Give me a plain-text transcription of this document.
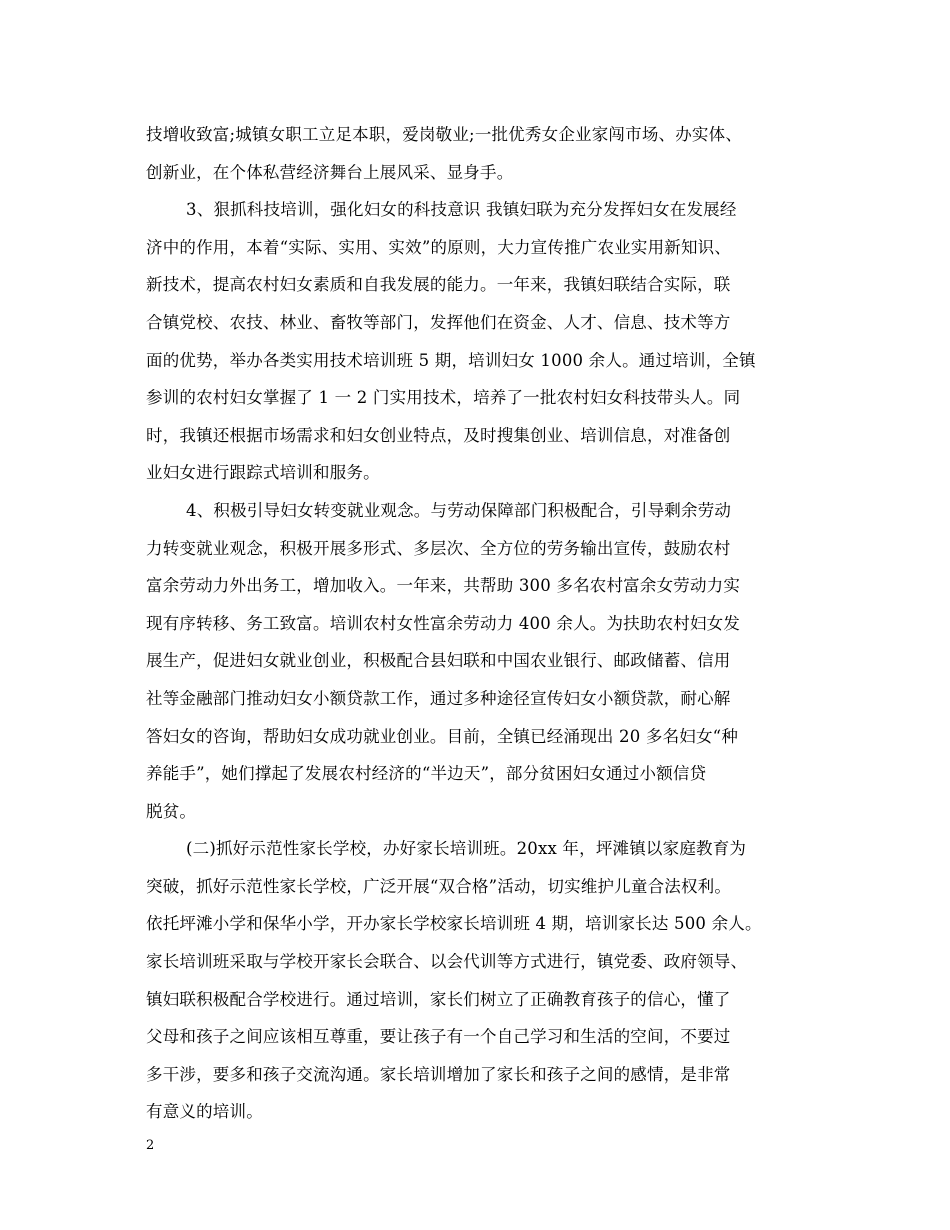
技增收致富;城镇女职工立足本职，爱岗敬业;一批优秀女企业家闯市场、办实体、
创新业，在个体私营经济舞台上展风采、显身手。
3、狠抓科技培训，强化妇女的科技意识 我镇妇联为充分发挥妇女在发展经
济中的作用，本着“实际、实用、实效”的原则，大力宣传推广农业实用新知识、
新技术，提高农村妇女素质和自我发展的能力。一年来，我镇妇联结合实际，联
合镇党校、农技、林业、畜牧等部门，发挥他们在资金、人才、信息、技术等方
面的优势，举办各类实用技术培训班 5 期，培训妇女 1000 余人。通过培训，全镇
参训的农村妇女掌握了 1 一 2 门实用技术，培养了一批农村妇女科技带头人。同
时，我镇还根据市场需求和妇女创业特点，及时搜集创业、培训信息，对准备创
业妇女进行跟踪式培训和服务。
4、积极引导妇女转变就业观念。与劳动保障部门积极配合，引导剩余劳动
力转变就业观念，积极开展多形式、多层次、全方位的劳务输出宣传，鼓励农村
富余劳动力外出务工，增加收入。一年来，共帮助 300 多名农村富余女劳动力实
现有序转移、务工致富。培训农村女性富余劳动力 400 余人。为扶助农村妇女发
展生产，促进妇女就业创业，积极配合县妇联和中国农业银行、邮政储蓄、信用
社等金融部门推动妇女小额贷款工作，通过多种途径宣传妇女小额贷款，耐心解
答妇女的咨询，帮助妇女成功就业创业。目前，全镇已经涌现出 20 多名妇女“种
养能手”，她们撑起了发展农村经济的“半边天”，部分贫困妇女通过小额信贷
脱贫。
(二)抓好示范性家长学校，办好家长培训班。20xx 年，坪滩镇以家庭教育为
突破，抓好示范性家长学校，广泛开展“双合格”活动，切实维护儿童合法权利。
依托坪滩小学和保华小学，开办家长学校家长培训班 4 期，培训家长达 500 余人。
家长培训班采取与学校开家长会联合、以会代训等方式进行，镇党委、政府领导、
镇妇联积极配合学校进行。通过培训，家长们树立了正确教育孩子的信心，懂了
父母和孩子之间应该相互尊重，要让孩子有一个自己学习和生活的空间，不要过
多干涉，要多和孩子交流沟通。家长培训增加了家长和孩子之间的感情，是非常
有意义的培训。
2
